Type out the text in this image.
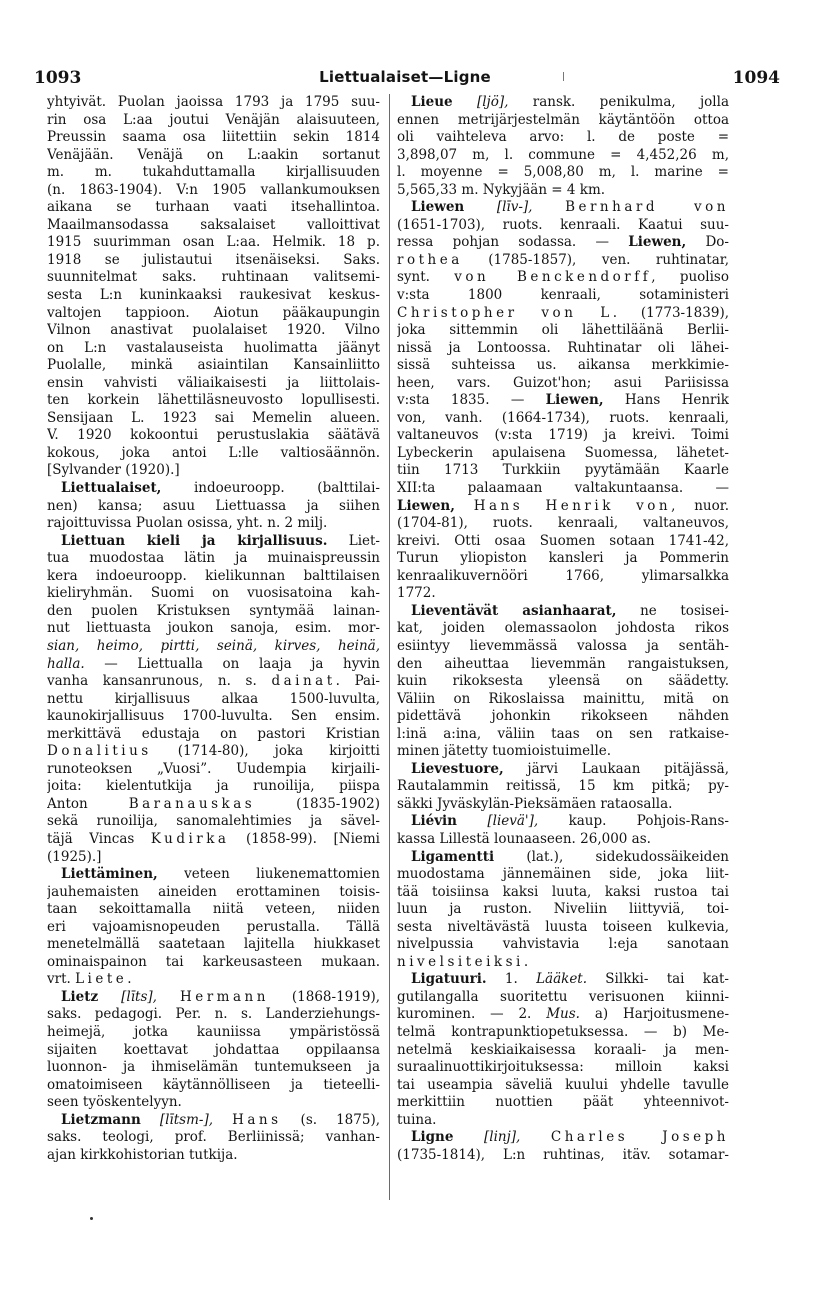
1093	Liettualaiset—Ligne	1094
yhtyivät. Puolan jaoissa 1793 ja 1795 suu-
rin osa L:aa joutui Venäjän alaisuuteen,
Preussin saama osa liitettiin sekin 1814
Venäjään. Venäjä on L:aakin sortanut
m. m. tukahduttamalla kirjallisuuden
(n. 1863-1904). V:n 1905 vallankumouksen
aikana se turhaan vaati itsehallintoa.
Maailmansodassa saksalaiset valloittivat
1915 suurimman osan L:aa. Helmik. 18 p.
1918 se julistautui itsenäiseksi. Saks.
suunnitelmat saks. ruhtinaan valitsemi-
sesta L:n kuninkaaksi raukesivat keskus-
valtojen tappioon. Aiotun pääkaupungin
Vilnon anastivat puolalaiset 1920. Vilno
on L:n vastalauseista huolimatta jäänyt
Puolalle, minkä asiaintilan Kansainliitto
ensin vahvisti väliaikaisesti ja liittolais-
ten korkein lähettiläsneuvosto lopullisesti.
Sensijaan L. 1923 sai Memelin alueen.
V. 1920 kokoontui perustuslakia säätävä
kokous, joka antoi L:lle valtiosäännön.
[Sylvander (1920).]
Liettualaiset, indoeuroopp. (balttilai-
nen) kansa; asuu Liettuassa ja siihen
rajoittuvissa Puolan osissa, yht. n. 2 milj.
Liettuan kieli ja kirjallisuus. Liet-
tua muodostaa lätin ja muinaispreussin
kera indoeuroopp. kielikunnan balttilaisen
kieliryhmän. Suomi on vuosisatoina kah-
den puolen Kristuksen syntymää lainan-
nut liettuasta joukon sanoja, esim. mor-
sian, heimo, pirtti, seinä, kirves, heinä,
halla. — Liettualla on laaja ja hyvin
vanha kansanrunous, n. s. dainat. Pai-
nettu kirjallisuus alkaa 1500-luvulta,
kaunokirjallisuus 1700-luvulta. Sen ensim.
merkittävä edustaja on pastori Kristian
Donalitius (1714-80), joka kirjoitti
runoteoksen „Vuosi”. Uudempia kirjaili-
joita: kielentutkija ja runoilija, piispa
Anton Baranauskas (1835-1902)
sekä runoilija, sanomalehtimies ja sävel-
täjä Vincas Kudirka (1858-99). [Niemi
(1925).]
Liettäminen, veteen liukenemattomien
jauhemaisten aineiden erottaminen toisis-
taan sekoittamalla niitä veteen, niiden
eri vajoamisnopeuden perustalla. Tällä
menetelmällä saatetaan lajitella hiukkaset
ominaispainon tai karkeusasteen mukaan.
vrt. Liete.
Lietz [līts], Hermann (1868-1919),
saks. pedagogi. Per. n. s. Landerziehungs-
heimejä, jotka kauniissa ympäristössä
sijaiten koettavat johdattaa oppilaansa
luonnon- ja ihmiselämän tuntemukseen ja
omatoimiseen käytännölliseen ja tieteelli-
seen työskentelyyn.
Lietzmann [lītsm-], Hans (s. 1875),
saks. teologi, prof. Berliinissä; vanhan-
ajan kirkkohistorian tutkija.
Lieue [ljö], ransk. penikulma, jolla
ennen metrijärjestelmän käytäntöön ottoa
oli vaihteleva arvo: l. de poste =
3,898,07 m, l. commune = 4,452,26 m,
l. moyenne = 5,008,80 m, l. marine =
5,565,33 m. Nykyjään = 4 km.
Liewen [līv-], Bernhard von
(1651-1703), ruots. kenraali. Kaatui suu-
ressa pohjan sodassa. — Liewen, Do-
rothea (1785-1857), ven. ruhtinatar,
synt. von Benckendorff, puoliso
v:sta 1800 kenraali, sotaministeri
Christopher von L. (1773-1839),
joka sittemmin oli lähettiläänä Berlii-
nissä ja Lontoossa. Ruhtinatar oli lähei-
sissä suhteissa us. aikansa merkkimie-
heen, vars. Guizot'hon; asui Pariisissa
v:sta 1835. — Liewen, Hans Henrik
von, vanh. (1664-1734), ruots. kenraali,
valtaneuvos (v:sta 1719) ja kreivi. Toimi
Lybeckerin apulaisena Suomessa, lähetet-
tiin 1713 Turkkiin pyytämään Kaarle
XII:ta palaamaan valtakuntaansa. —
Liewen, Hans Henrik von, nuor.
(1704-81), ruots. kenraali, valtaneuvos,
kreivi. Otti osaa Suomen sotaan 1741-42,
Turun yliopiston kansleri ja Pommerin
kenraalikuvernööri 1766, ylimarsalkka
1772.
Lieventävät asianhaarat, ne tosisei-
kat, joiden olemassaolon johdosta rikos
esiintyy lievemmässä valossa ja sentäh-
den aiheuttaa lievemmän rangaistuksen,
kuin rikoksesta yleensä on säädetty.
Väliin on Rikoslaissa mainittu, mitä on
pidettävä johonkin rikokseen nähden
l:inä a:ina, väliin taas on sen ratkaise-
minen jätetty tuomioistuimelle.
Lievestuore, järvi Laukaan pitäjässä,
Rautalammin reitissä, 15 km pitkä; py-
säkki Jyväskylän-Pieksämäen rataosalla.
Liévin [lievä'], kaup. Pohjois-Rans-
kassa Lillestä lounaaseen. 26,000 as.
Ligamentti (lat.), sidekudossäikeiden
muodostama jännemäinen side, joka liit-
tää toisiinsa kaksi luuta, kaksi rustoa tai
luun ja ruston. Niveliin liittyviä, toi-
sesta niveltävästä luusta toiseen kulkevia,
nivelpussia vahvistavia l:eja sanotaan
nivelsiteiksi.
Ligatuuri. 1. Lääket. Silkki- tai kat-
gutilangalla suoritettu verisuonen kiinni-
kurominen. — 2. Mus. a) Harjoitusmene-
telmä kontrapunktiopetuksessa. — b) Me-
netelmä keskiaikaisessa koraali- ja men-
suraalinuottikirjoituksessa: milloin kaksi
tai useampia säveliä kuului yhdelle tavulle
merkittiin nuottien päät yhteennivot-
tuina.
Ligne [linj], Charles Joseph
(1735-1814), L:n ruhtinas, itäv. sotamar-
